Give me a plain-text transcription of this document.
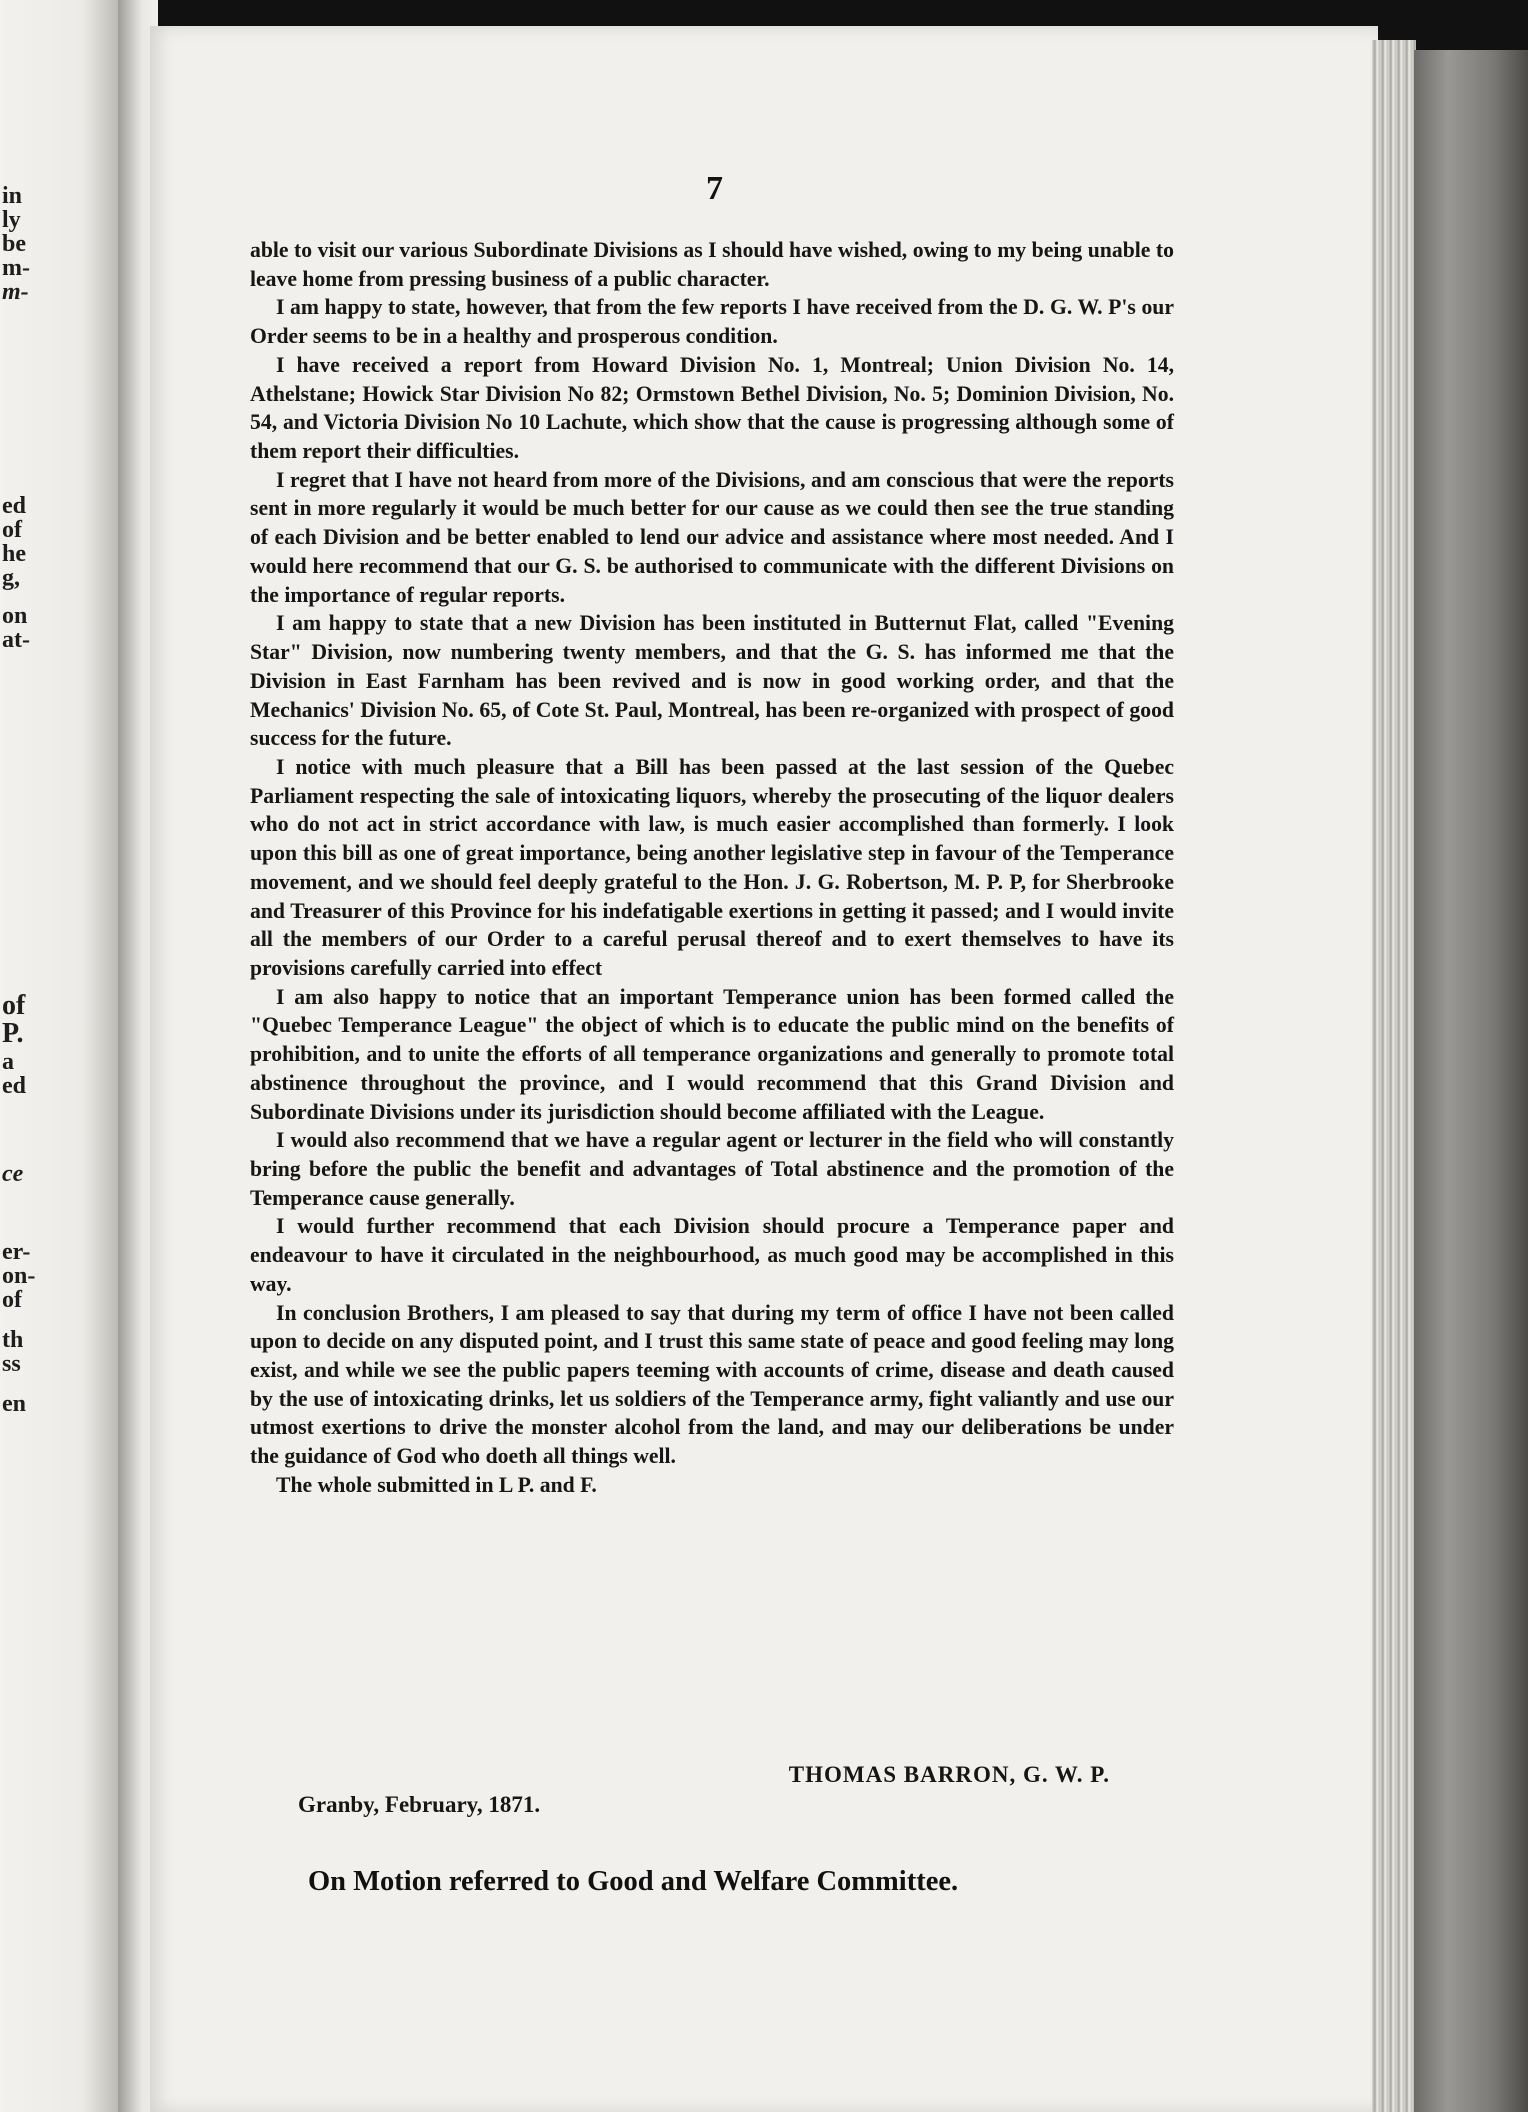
in

ly

be

m-

m-

ed

of

he

g,

on

at-

of

P.

a

ed

ce

er-

on-

of

th

ss

en

7

able to visit our various Subordinate Divisions as I should have wished, owing to my being unable to leave home from pressing business of a public character.

I am happy to state, however, that from the few reports I have received from the D. G. W. P's our Order seems to be in a healthy and prosperous condition.

I have received a report from Howard Division No. 1, Montreal; Union Division No. 14, Athelstane; Howick Star Division No 82; Ormstown Bethel Division, No. 5; Dominion Division, No. 54, and Victoria Division No 10 Lachute, which show that the cause is progressing although some of them report their difficulties.

I regret that I have not heard from more of the Divisions, and am conscious that were the reports sent in more regularly it would be much better for our cause as we could then see the true standing of each Division and be better enabled to lend our advice and assistance where most needed. And I would here recommend that our G. S. be authorised to communicate with the different Divisions on the importance of regular reports.

I am happy to state that a new Division has been instituted in Butternut Flat, called "Evening Star" Division, now numbering twenty members, and that the G. S. has informed me that the Division in East Farnham has been revived and is now in good working order, and that the Mechanics' Division No. 65, of Cote St. Paul, Montreal, has been re-organized with prospect of good success for the future.

I notice with much pleasure that a Bill has been passed at the last session of the Quebec Parliament respecting the sale of intoxicating liquors, whereby the prosecuting of the liquor dealers who do not act in strict accordance with law, is much easier accomplished than formerly. I look upon this bill as one of great importance, being another legislative step in favour of the Temperance movement, and we should feel deeply grateful to the Hon. J. G. Robertson, M. P. P, for Sherbrooke and Treasurer of this Province for his indefatigable exertions in getting it passed; and I would invite all the members of our Order to a careful perusal thereof and to exert themselves to have its provisions carefully carried into effect

I am also happy to notice that an important Temperance union has been formed called the "Quebec Temperance League" the object of which is to educate the public mind on the benefits of prohibition, and to unite the efforts of all temperance organizations and generally to promote total abstinence throughout the province, and I would recommend that this Grand Division and Subordinate Divisions under its jurisdiction should become affiliated with the League.

I would also recommend that we have a regular agent or lecturer in the field who will constantly bring before the public the benefit and advantages of Total abstinence and the promotion of the Temperance cause generally.

I would further recommend that each Division should procure a Temperance paper and endeavour to have it circulated in the neighbourhood, as much good may be accomplished in this way.

In conclusion Brothers, I am pleased to say that during my term of office I have not been called upon to decide on any disputed point, and I trust this same state of peace and good feeling may long exist, and while we see the public papers teeming with accounts of crime, disease and death caused by the use of intoxicating drinks, let us soldiers of the Temperance army, fight valiantly and use our utmost exertions to drive the monster alcohol from the land, and may our deliberations be under the guidance of God who doeth all things well.

The whole submitted in L P. and F.

THOMAS BARRON, G. W. P.

Granby, February, 1871.

On Motion referred to Good and Welfare Committee.
